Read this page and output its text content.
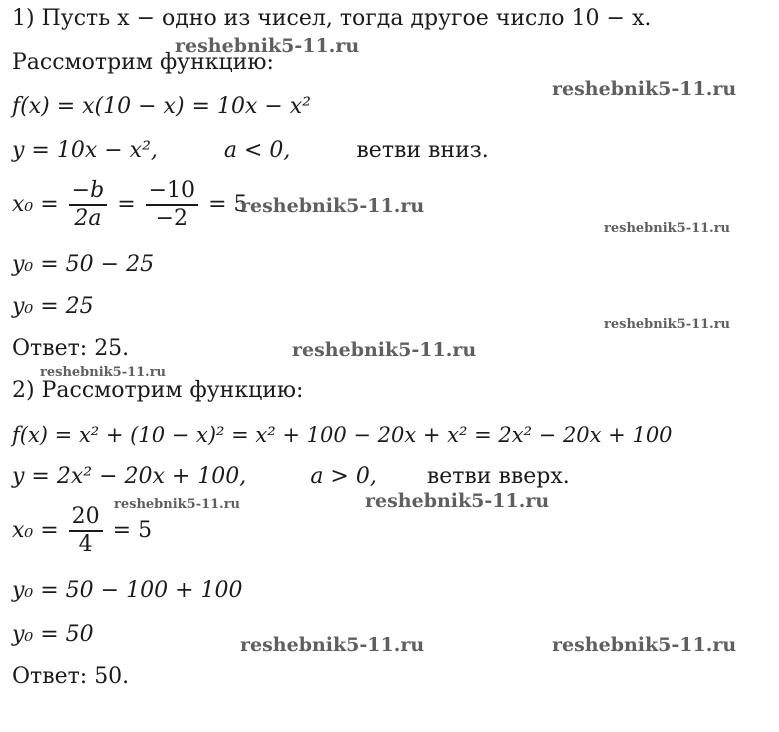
1) Пусть x − одно из чисел, тогда другое число 10 − x.
Рассмотрим функцию:
f(x) = x(10 − x) = 10x − x²
y = 10x − x²,	a < 0,	ветви вниз.
$x_0 = \frac{-b}{2a} = \frac{-10}{-2} = 5$
y₀ = 50 − 25
y₀ = 25
Ответ: 25.
2) Рассмотрим функцию:
f(x) = x² + (10 − x)² = x² + 100 − 20x + x² = 2x² − 20x + 100
y = 2x² − 20x + 100,	a > 0, ветви вверх.
$x_0 = \frac{20}{4} = 5$
y₀ = 50 − 100 + 100
y₀ = 50
Ответ: 50.
reshebnik5-11.ru
reshebnik5-11.ru
reshebnik5-11.ru
reshebnik5-11.ru
reshebnik5-11.ru
reshebnik5-11.ru
reshebnik5-11.ru
reshebnik5-11.ru
reshebnik5-11.ru
reshebnik5-11.ru	reshebnik5-11.ru
